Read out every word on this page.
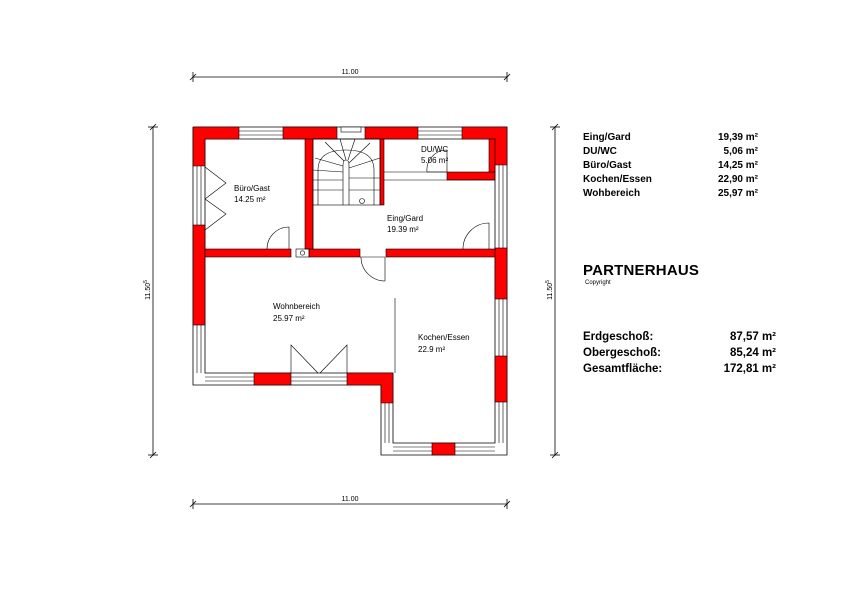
11.00
11.00
11.50$^5$
11.50$^5$
Büro/Gast
14.25 m²
DU/WC
5.06 m²
Eing/Gard
19.39 m²
Wohnbereich
25.97 m²
Kochen/Essen
22.9 m²
Eing/Gard	19,39 m²
DU/WC	5,06 m²
Büro/Gast	14,25 m²
Kochen/Essen	22,90 m²
Wohbereich	25,97 m²
PARTNERHAUS
Copyright
Erdgeschoß:	87,57 m²
Obergeschoß:	85,24 m²
Gesamtfläche:	172,81 m²
